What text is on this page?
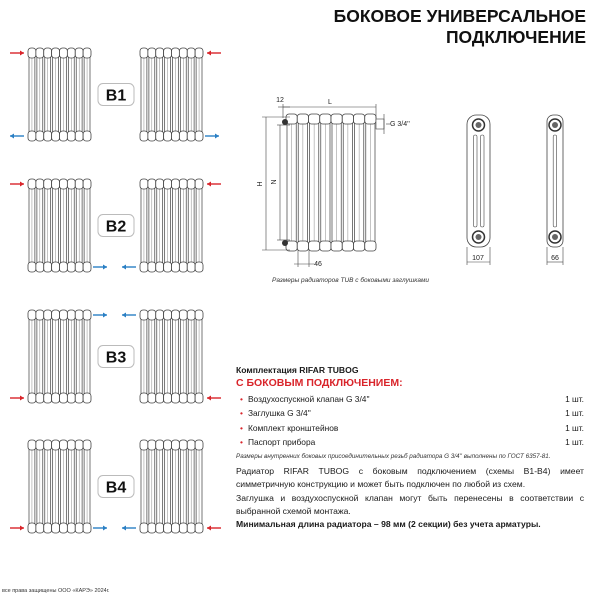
B1
B2
B3
B4
L
12
G 3/4''
H N
46
107	66
БОКОВОЕ УНИВЕРСАЛЬНОЕ
ПОДКЛЮЧЕНИЕ
Размеры радиаторов TUB с боковыми заглушками
Комплектация RIFAR TUBOG
С БОКОВЫМ ПОДКЛЮЧЕНИЕМ:
• Воздухоспускной клапан G 3/4''	1 шт.
• Заглушка G 3/4''	1 шт.
• Комплект кронштейнов	1 шт.
• Паспорт прибора	1 шт.
Размеры внутренних боковых присоединительных резьб радиатора G 3/4'' выполнены по ГОСТ 6357-81.
Радиатор RIFAR TUBOG с боковым подключением (схемы B1-B4) имеет симметричную конструкцию и может быть подключен по любой из схем.
Заглушка и воздухоспускной клапан могут быть перенесены в соответствии с выбранной схемой монтажа.
Минимальная длина радиатора – 98 мм (2 секции) без учета арматуры.
все права защищены ООО «КАРЭ» 2024г.
